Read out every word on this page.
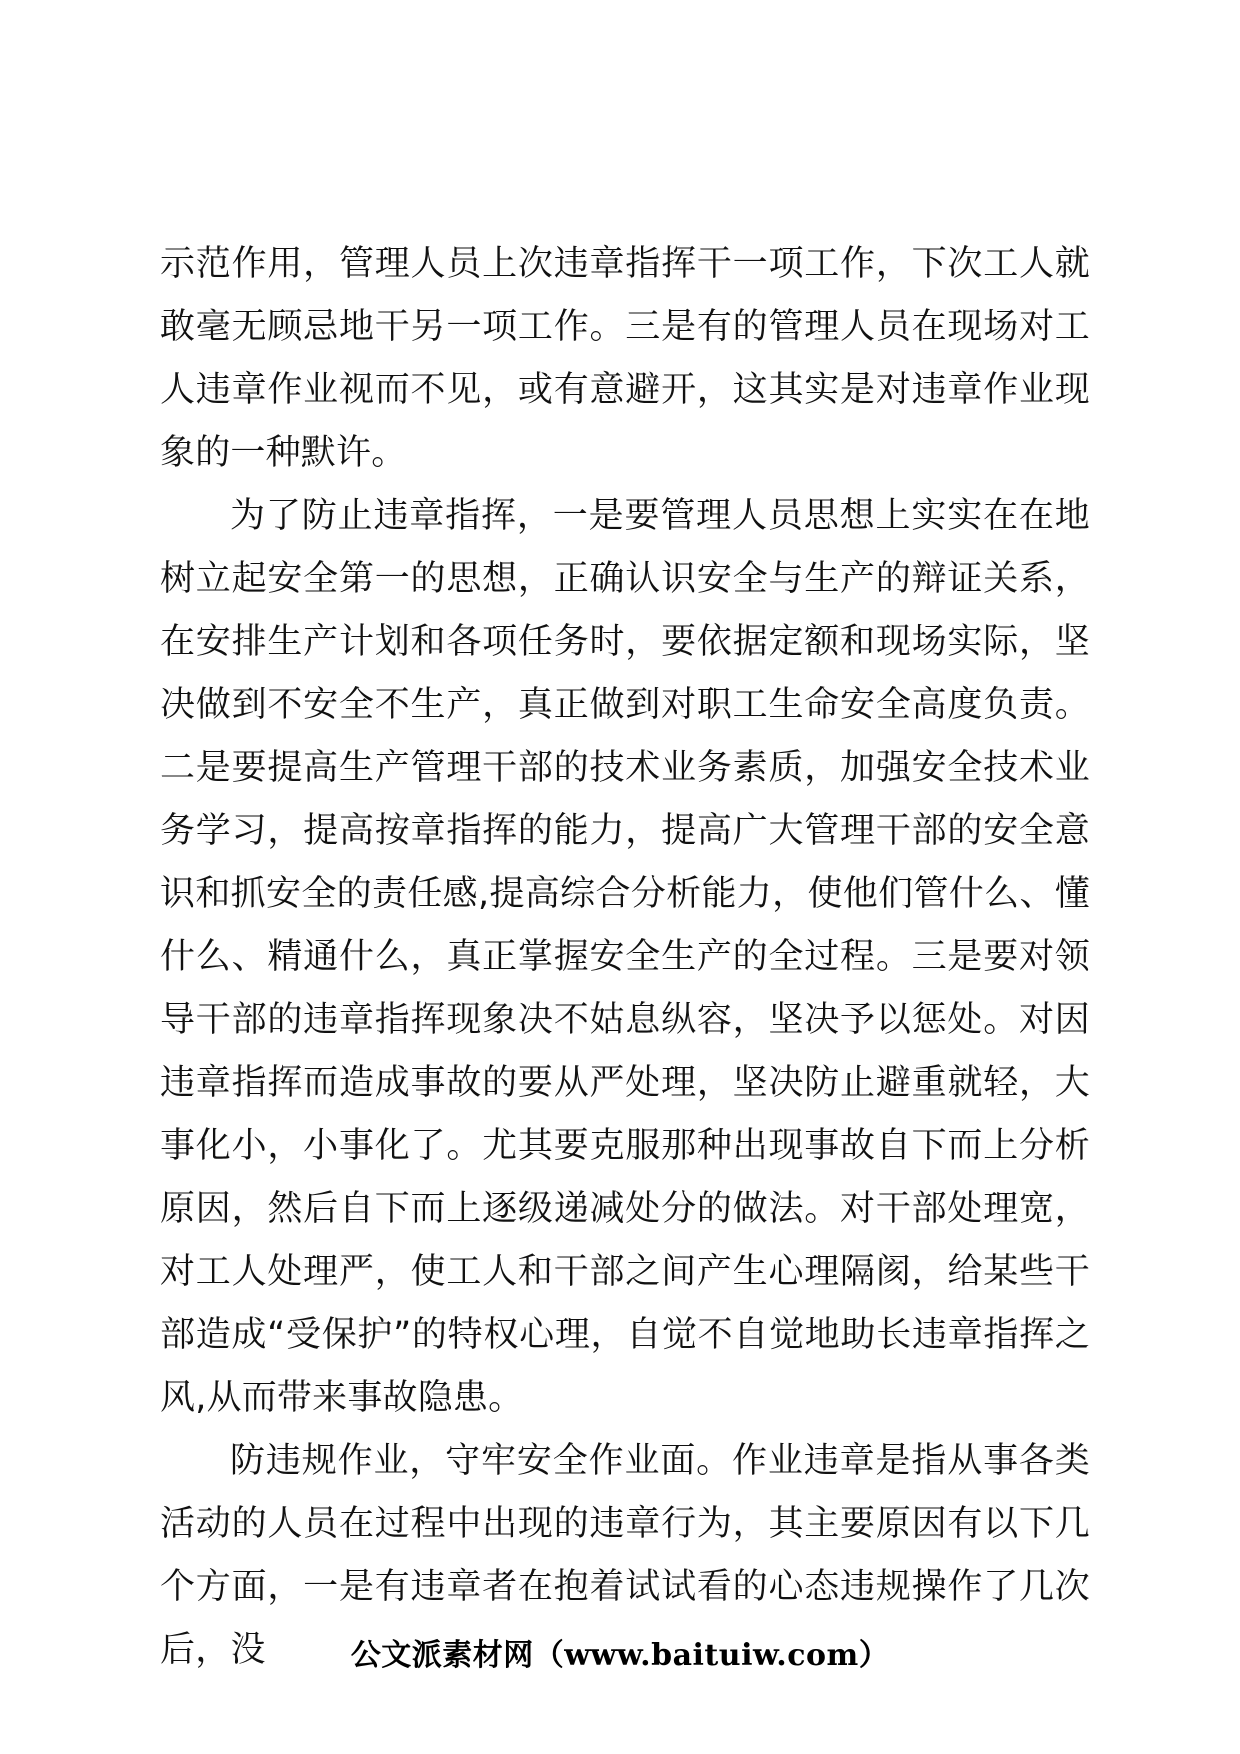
示范作用，管理人员上次违章指挥干一项工作，下次工人就敢毫无顾忌地干另一项工作。三是有的管理人员在现场对工人违章作业视而不见，或有意避开，这其实是对违章作业现象的一种默许。

为了防止违章指挥，一是要管理人员思想上实实在在地树立起安全第一的思想，正确认识安全与生产的辩证关系，在安排生产计划和各项任务时，要依据定额和现场实际，坚决做到不安全不生产，真正做到对职工生命安全高度负责。二是要提高生产管理干部的技术业务素质，加强安全技术业务学习，提高按章指挥的能力，提高广大管理干部的安全意识和抓安全的责任感,提高综合分析能力，使他们管什么、懂什么、精通什么，真正掌握安全生产的全过程。三是要对领导干部的违章指挥现象决不姑息纵容，坚决予以惩处。对因违章指挥而造成事故的要从严处理，坚决防止避重就轻，大事化小，小事化了。尤其要克服那种出现事故自下而上分析原因，然后自下而上逐级递减处分的做法。对干部处理宽，对工人处理严，使工人和干部之间产生心理隔阂，给某些干部造成“受保护”的特权心理，自觉不自觉地助长违章指挥之风,从而带来事故隐患。

防违规作业，守牢安全作业面。作业违章是指从事各类活动的人员在过程中出现的违章行为，其主要原因有以下几个方面，一是有违章者在抱着试试看的心态违规操作了几次后，没	公文派素材网（www.baituiw.com）
